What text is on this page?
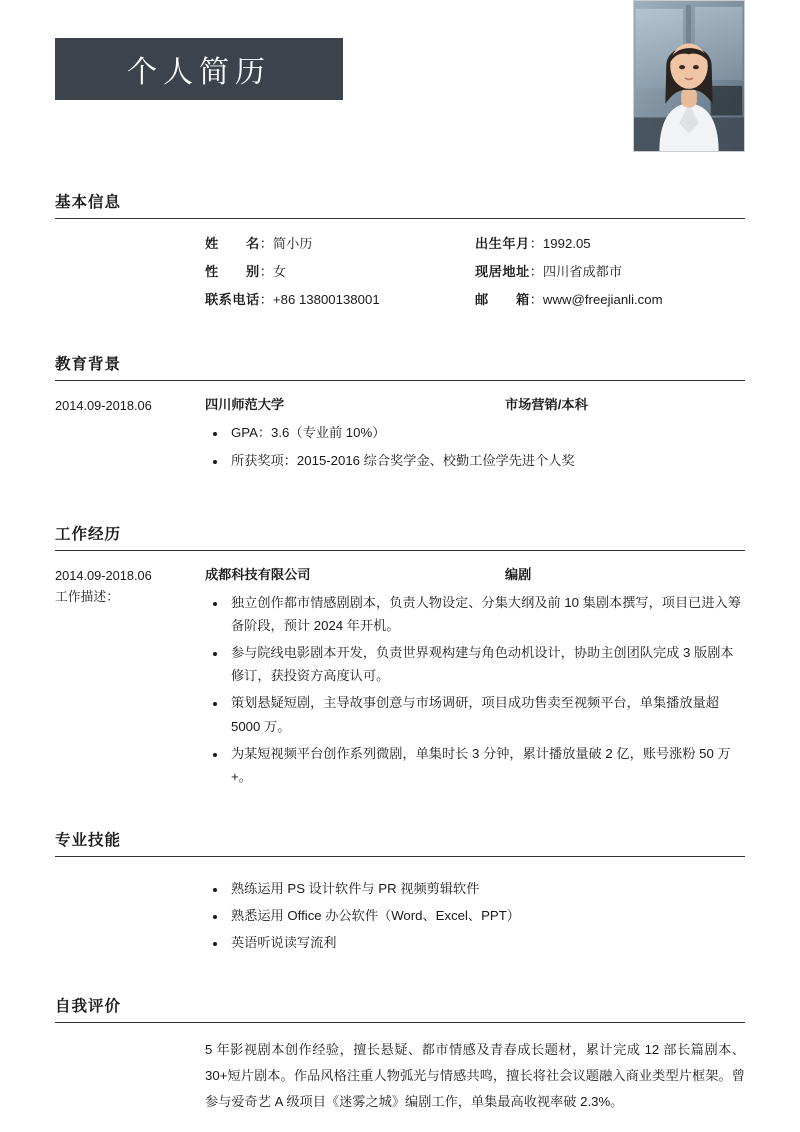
个人简历
基本信息
姓　　名：简小历	出生年月：1992.05
性　　别：女	现居地址：四川省成都市
联系电话：+86 13800138001	邮　　箱：www@freejianli.com
教育背景
2014.09-2018.06	四川师范大学	市场营销/本科
• GPA：3.6（专业前 10%）
• 所获奖项：2015-2016 综合奖学金、校勤工俭学先进个人奖
工作经历
2014.09-2018.06
工作描述：
成都科技有限公司	编剧
• 独立创作都市情感剧剧本，负责人物设定、分集大纲及前 10 集剧本撰写，项目已进入筹备阶段，预计 2024 年开机。
• 参与院线电影剧本开发，负责世界观构建与角色动机设计，协助主创团队完成 3 版剧本修订，获投资方高度认可。
• 策划悬疑短剧，主导故事创意与市场调研，项目成功售卖至视频平台，单集播放量超 5000 万。
• 为某短视频平台创作系列微剧，单集时长 3 分钟，累计播放量破 2 亿，账号涨粉 50 万+。
专业技能
• 熟练运用 PS 设计软件与 PR 视频剪辑软件
• 熟悉运用 Office 办公软件（Word、Excel、PPT）
• 英语听说读写流利
自我评价
5 年影视剧本创作经验，擅长悬疑、都市情感及青春成长题材，累计完成 12 部长篇剧本、30+短片剧本。作品风格注重人物弧光与情感共鸣，擅长将社会议题融入商业类型片框架。曾参与爱奇艺 A 级项目《迷雾之城》编剧工作，单集最高收视率破 2.3%。
